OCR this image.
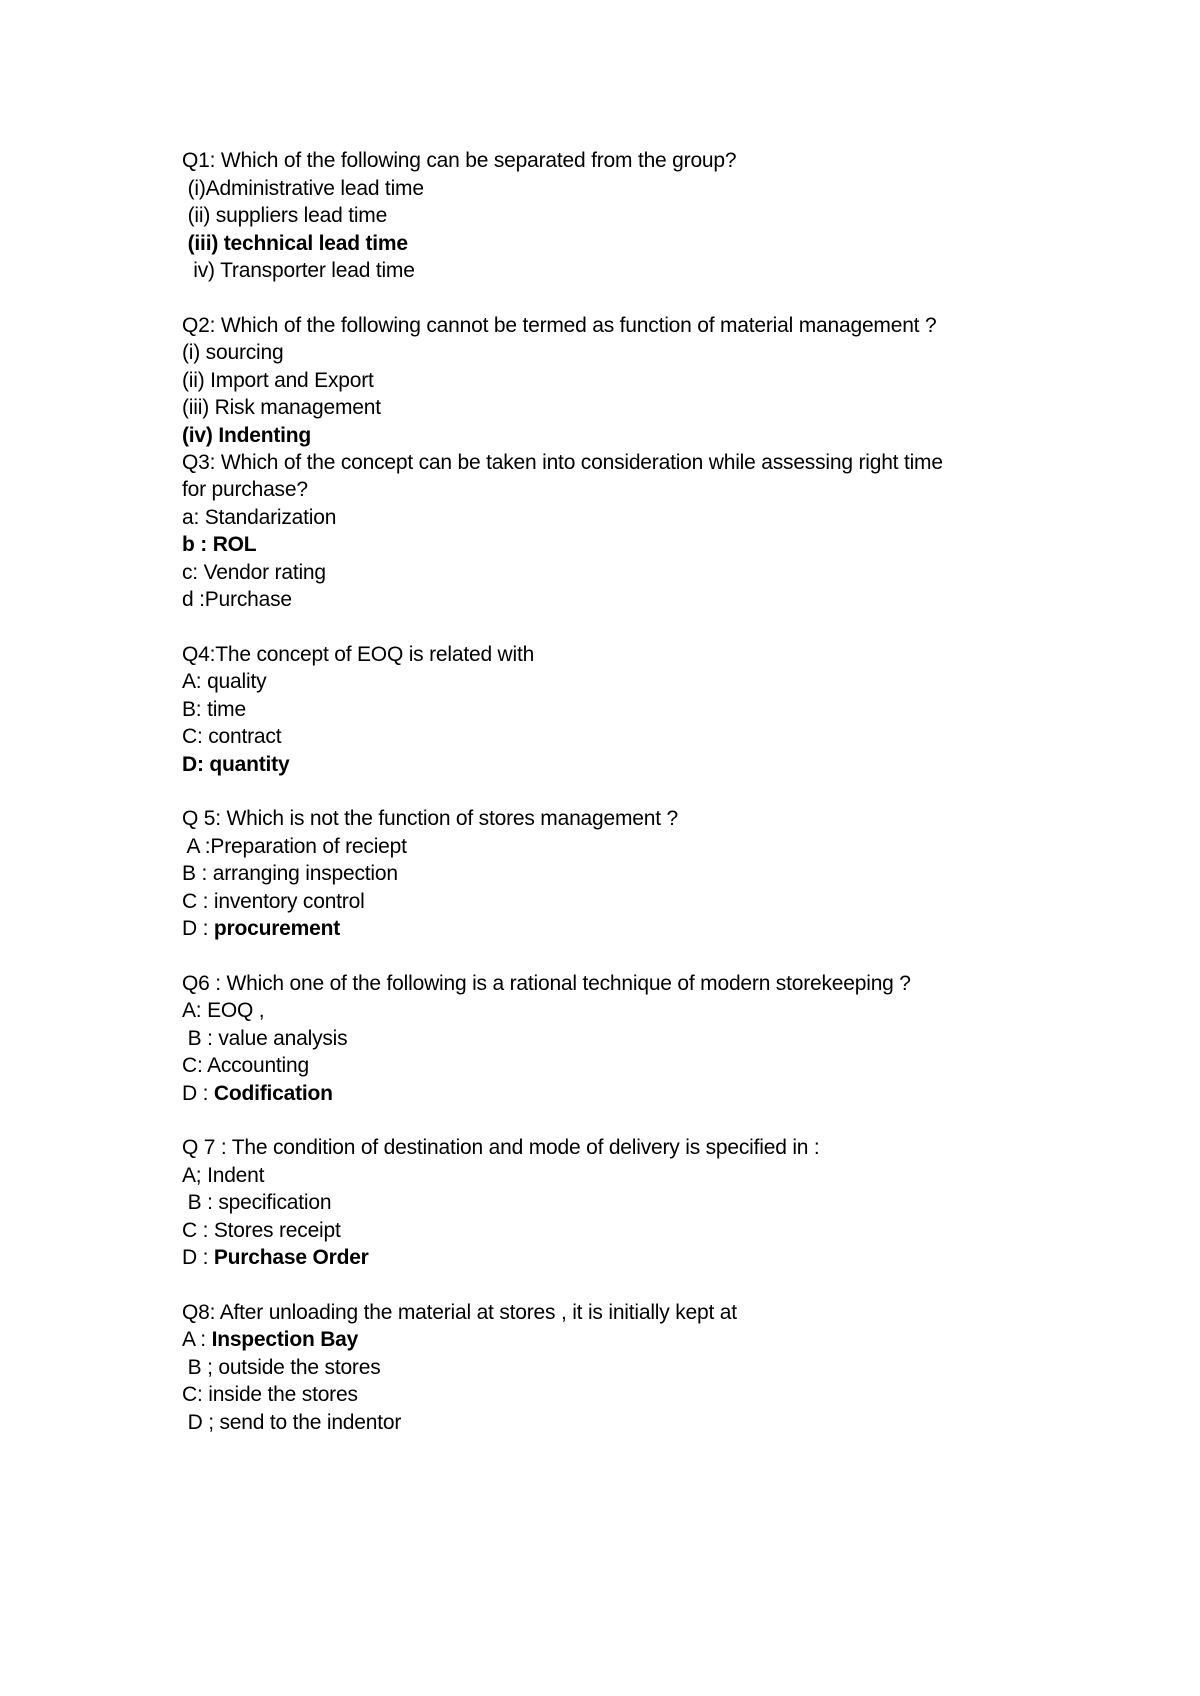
Q1: Which of the following can be separated from the group?
(i)Administrative lead time
(ii) suppliers lead time
(iii) technical lead time
iv) Transporter lead time
Q2: Which of the following cannot be termed as function of material management ?
(i) sourcing
(ii) Import and Export
(iii) Risk management
(iv) Indenting
Q3: Which of the concept can be taken into consideration while assessing right time
for purchase?
a: Standarization
b : ROL
c: Vendor rating
d :Purchase
Q4:The concept of EOQ is related with
A: quality
B: time
C: contract
D: quantity
Q 5: Which is not the function of stores management ?
A :Preparation of reciept
B : arranging inspection
C : inventory control
D : procurement
Q6 : Which one of the following is a rational technique of modern storekeeping ?
A: EOQ ,
B : value analysis
C: Accounting
D : Codification
Q 7 : The condition of destination and mode of delivery is specified in :
A; Indent
B : specification
C : Stores receipt
D : Purchase Order
Q8: After unloading the material at stores , it is initially kept at
A : Inspection Bay
B ; outside the stores
C: inside the stores
D ; send to the indentor
